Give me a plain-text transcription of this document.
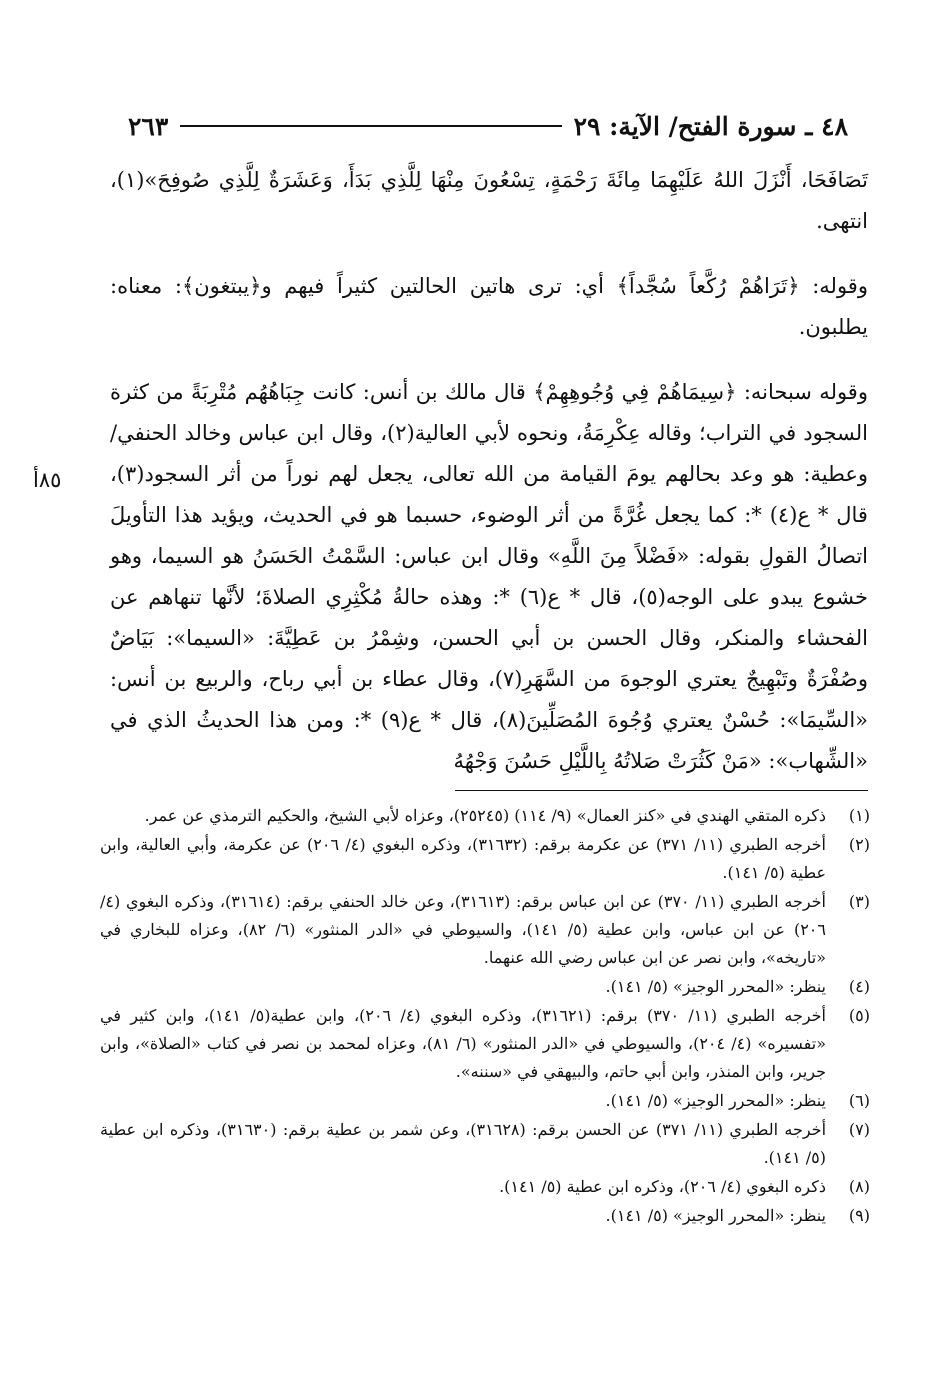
٤٨ ـ سورة الفتح/ الآية: ٢٩
٢٦٣
٨٥أ

تَصَافَحَا، أَنْزَلَ اللهُ عَلَيْهِمَا مِائَةَ رَحْمَةٍ، تِسْعُونَ مِنْهَا لِلَّذِي بَدَأَ، وَعَشَرَةٌ لِلَّذِي صُوفِحَ»(١)، انتهى.

وقوله: ﴿تَرَاهُمْ رُكَّعاً سُجَّداً﴾ أي: ترى هاتين الحالتين كثيراً فيهم و﴿يبتغون﴾: معناه: يطلبون.

وقوله سبحانه: ﴿سِيمَاهُمْ فِي وُجُوهِهِمْ﴾ قال مالك بن أنس: كانت جِبَاهُهُم مُتْرِبَةً من كثرة السجود في التراب؛ وقاله عِكْرِمَةُ، ونحوه لأبي العالية(٢)، وقال ابن عباس وخالد الحنفي/ وعطية: هو وعد بحالهم يومَ القيامة من الله تعالى، يجعل لهم نوراً من أثر السجود(٣)، قال * ع(٤) *: كما يجعل غُرَّةً من أثر الوضوء، حسبما هو في الحديث، ويؤيد هذا التأويلَ اتصالُ القولِ بقوله: «فَضْلاً مِنَ اللَّهِ» وقال ابن عباس: السَّمْتُ الحَسَنُ هو السيما، وهو خشوع يبدو على الوجه(٥)، قال * ع(٦) *: وهذه حالةُ مُكْثِرِي الصلاةَ؛ لأنَّها تنهاهم عن الفحشاء والمنكر، وقال الحسن بن أبي الحسن، وشِمْرُ بن عَطِيَّةَ: «السيما»: بَيَاضٌ وصُفْرَةٌ وتَبْهِيجٌ يعتري الوجوهَ من السَّهَرِ(٧)، وقال عطاء بن أبي رباح، والربيع بن أنس: «السِّيمَا»: حُسْنٌ يعتري وُجُوهَ المُصَلِّينَ(٨)، قال * ع(٩) *: ومن هذا الحديثُ الذي في «الشِّهاب»: «مَنْ كَثُرَتْ صَلاتُهُ بِاللَّيْلِ حَسُنَ وَجْهُهُ

(١)
ذكره المتقي الهندي في «كنز العمال» (٩/ ١١٤) (٢٥٢٤٥)، وعزاه لأبي الشيخ، والحكيم الترمذي عن عمر.
(٢)
أخرجه الطبري (١١/ ٣٧١) عن عكرمة برقم: (٣١٦٣٢)، وذكره البغوي (٤/ ٢٠٦) عن عكرمة، وأبي العالية، وابن عطية (٥/ ١٤١).
(٣)
أخرجه الطبري (١١/ ٣٧٠) عن ابن عباس برقم: (٣١٦١٣)، وعن خالد الحنفي برقم: (٣١٦١٤)، وذكره البغوي (٤/ ٢٠٦) عن ابن عباس، وابن عطية (٥/ ١٤١)، والسيوطي في «الدر المنثور» (٦/ ٨٢)، وعزاه للبخاري في «تاريخه»، وابن نصر عن ابن عباس رضي الله عنهما.
(٤)
ينظر: «المحرر الوجيز» (٥/ ١٤١).
(٥)
أخرجه الطبري (١١/ ٣٧٠) برقم: (٣١٦٢١)، وذكره البغوي (٤/ ٢٠٦)، وابن عطية(٥/ ١٤١)، وابن كثير في «تفسيره» (٤/ ٢٠٤)، والسيوطي في «الدر المنثور» (٦/ ٨١)، وعزاه لمحمد بن نصر في كتاب «الصلاة»، وابن جرير، وابن المنذر، وابن أبي حاتم، والبيهقي في «سننه».
(٦)
ينظر: «المحرر الوجيز» (٥/ ١٤١).
(٧)
أخرجه الطبري (١١/ ٣٧١) عن الحسن برقم: (٣١٦٢٨)، وعن شمر بن عطية برقم: (٣١٦٣٠)، وذكره ابن عطية (٥/ ١٤١).
(٨)
ذكره البغوي (٤/ ٢٠٦)، وذكره ابن عطية (٥/ ١٤١).
(٩)
ينظر: «المحرر الوجيز» (٥/ ١٤١).
